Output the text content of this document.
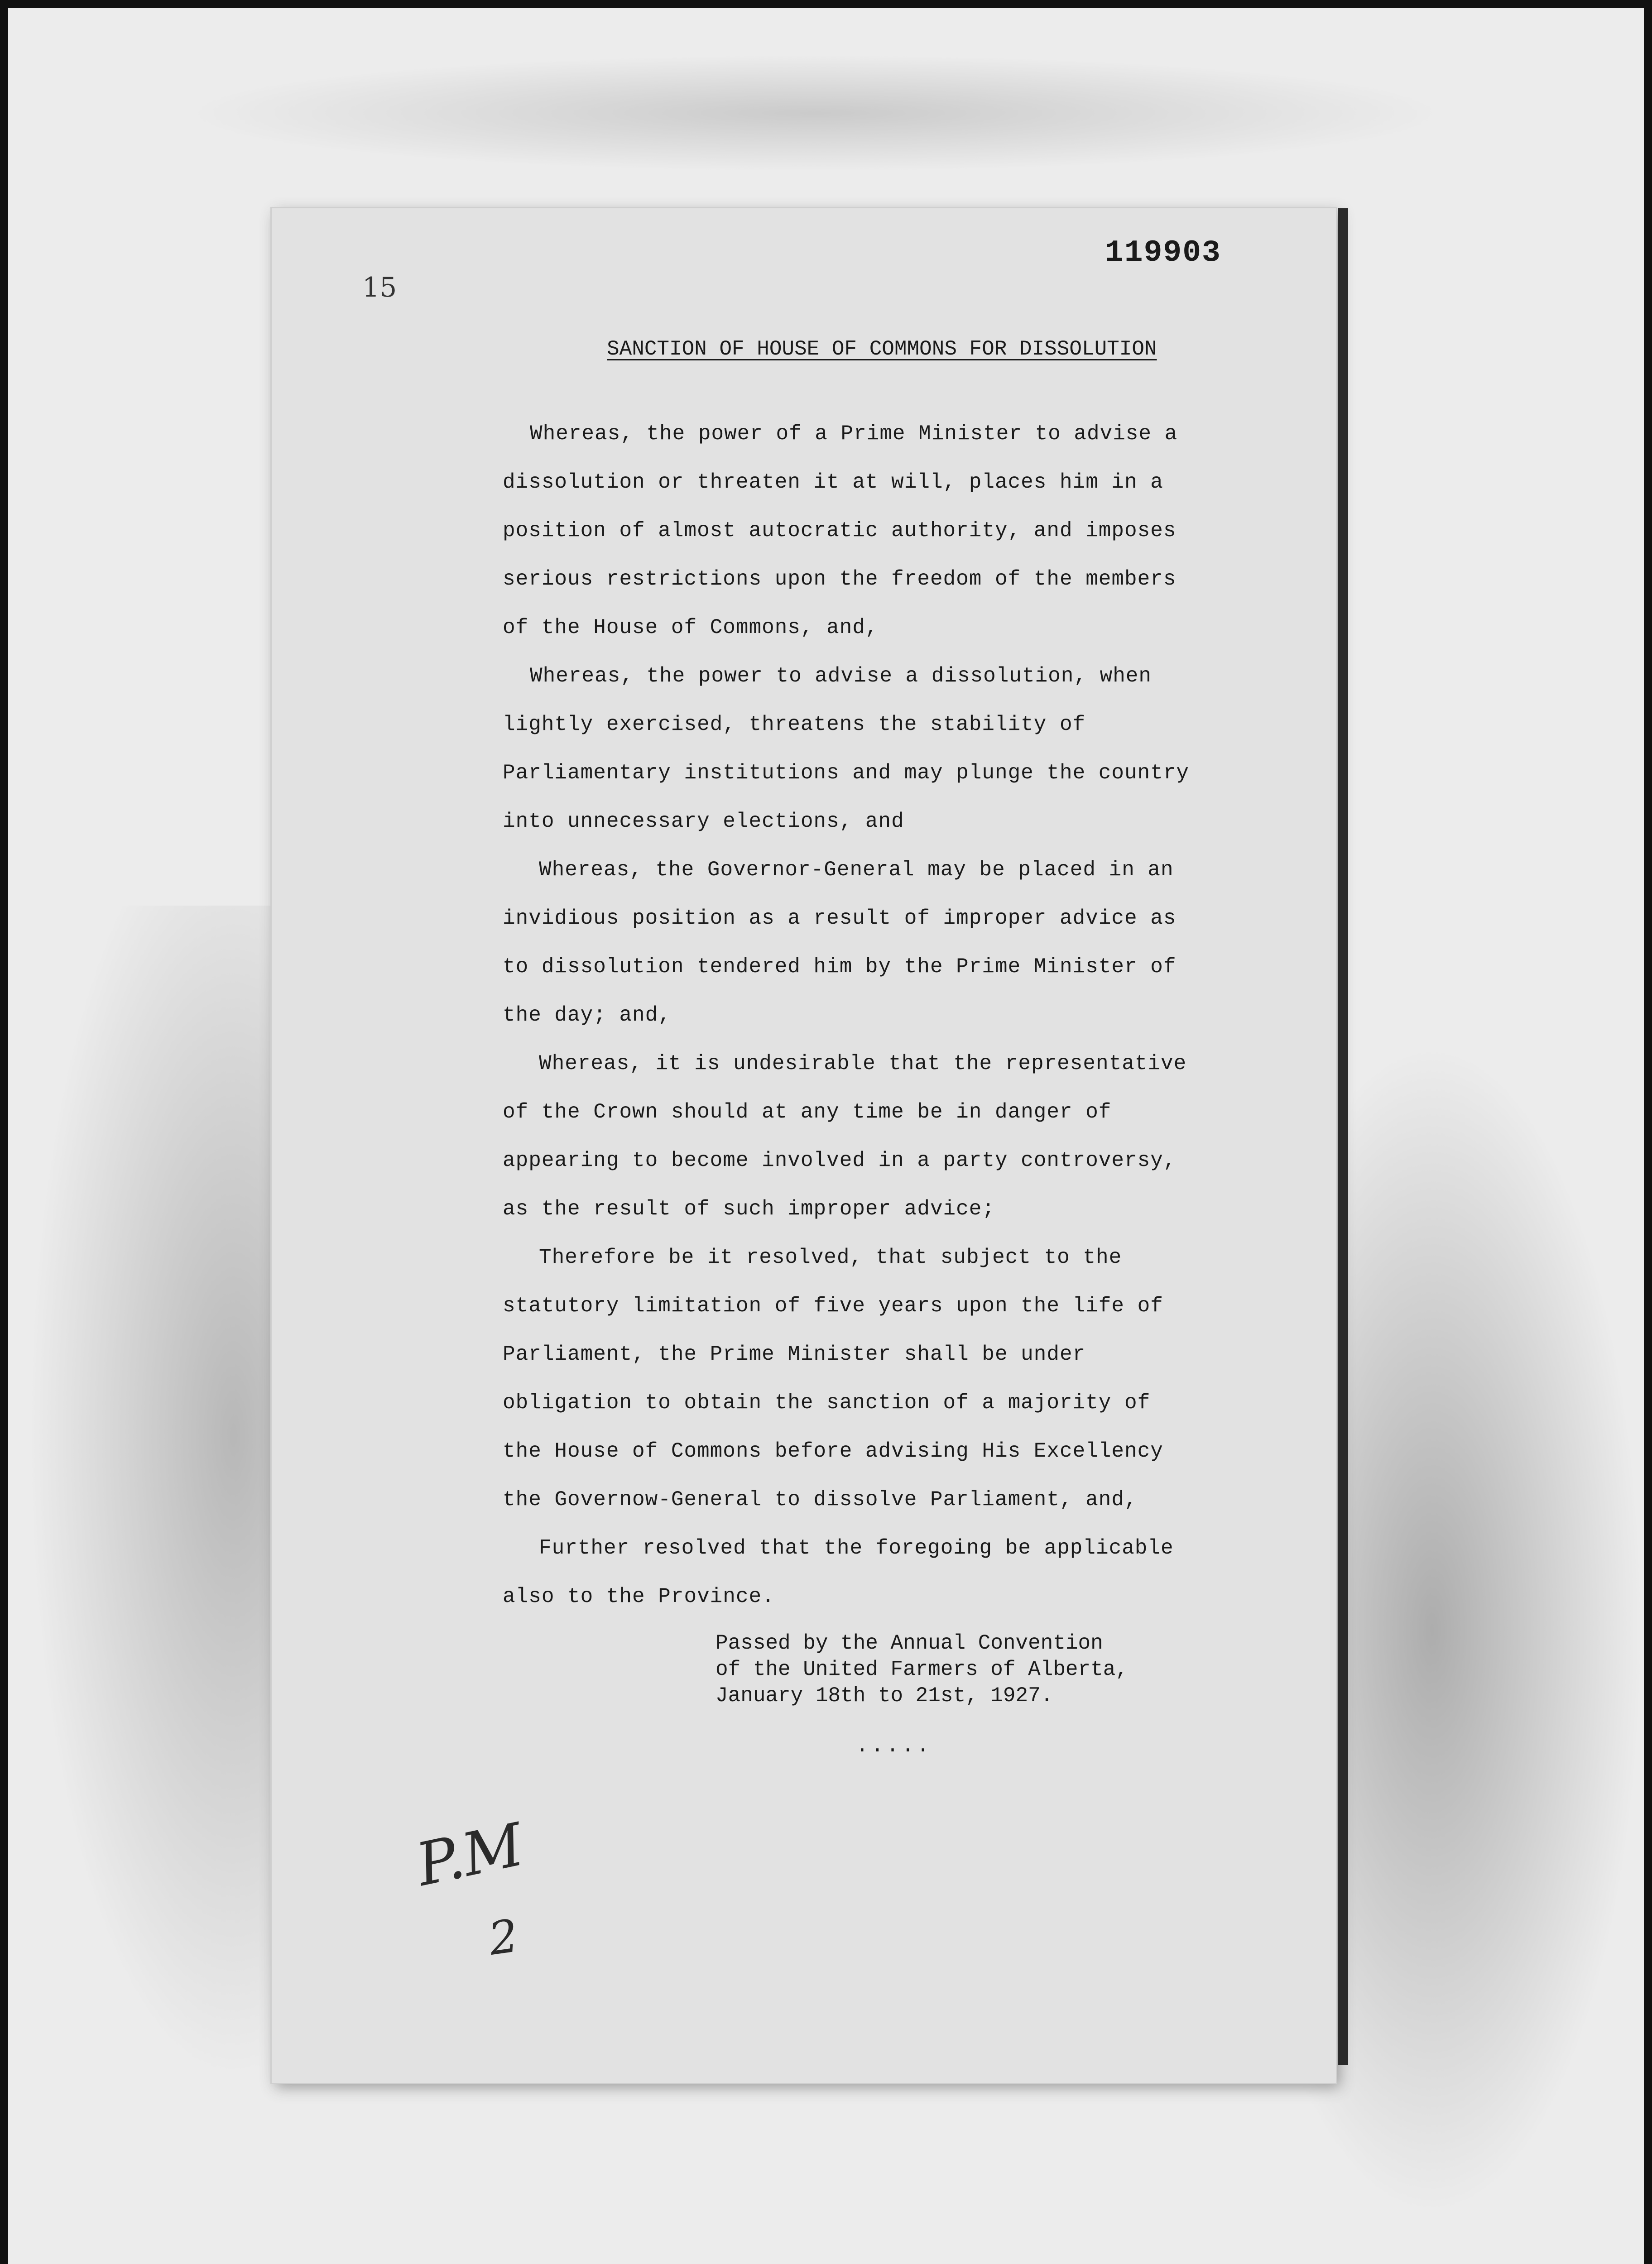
119903
15
SANCTION OF HOUSE OF COMMONS FOR DISSOLUTION

Whereas, the power of a Prime Minister to advise a

dissolution or threaten it at will, places him in a

position of almost autocratic authority, and imposes

serious restrictions upon the freedom of the members

of the House of Commons, and,

Whereas, the power to advise a dissolution, when

lightly exercised, threatens the stability of

Parliamentary institutions and may plunge the country

into unnecessary elections, and

Whereas, the Governor-General may be placed in an

invidious position as a result of improper advice as

to dissolution tendered him by the Prime Minister of

the day; and,

Whereas, it is undesirable that the representative

of the Crown should at any time be in danger of

appearing to become involved in a party controversy,

as the result of such improper advice;

Therefore be it resolved, that subject to the

statutory limitation of five years upon the life of

Parliament, the Prime Minister shall be under

obligation to obtain the sanction of a majority of

the House of Commons before advising His Excellency

the Governow-General to dissolve Parliament, and,

Further resolved that the foregoing be applicable

also to the Province.

Passed by the Annual Convention
of the United Farmers of Alberta,
January 18th to 21st, 1927.
.....
P.M
2
